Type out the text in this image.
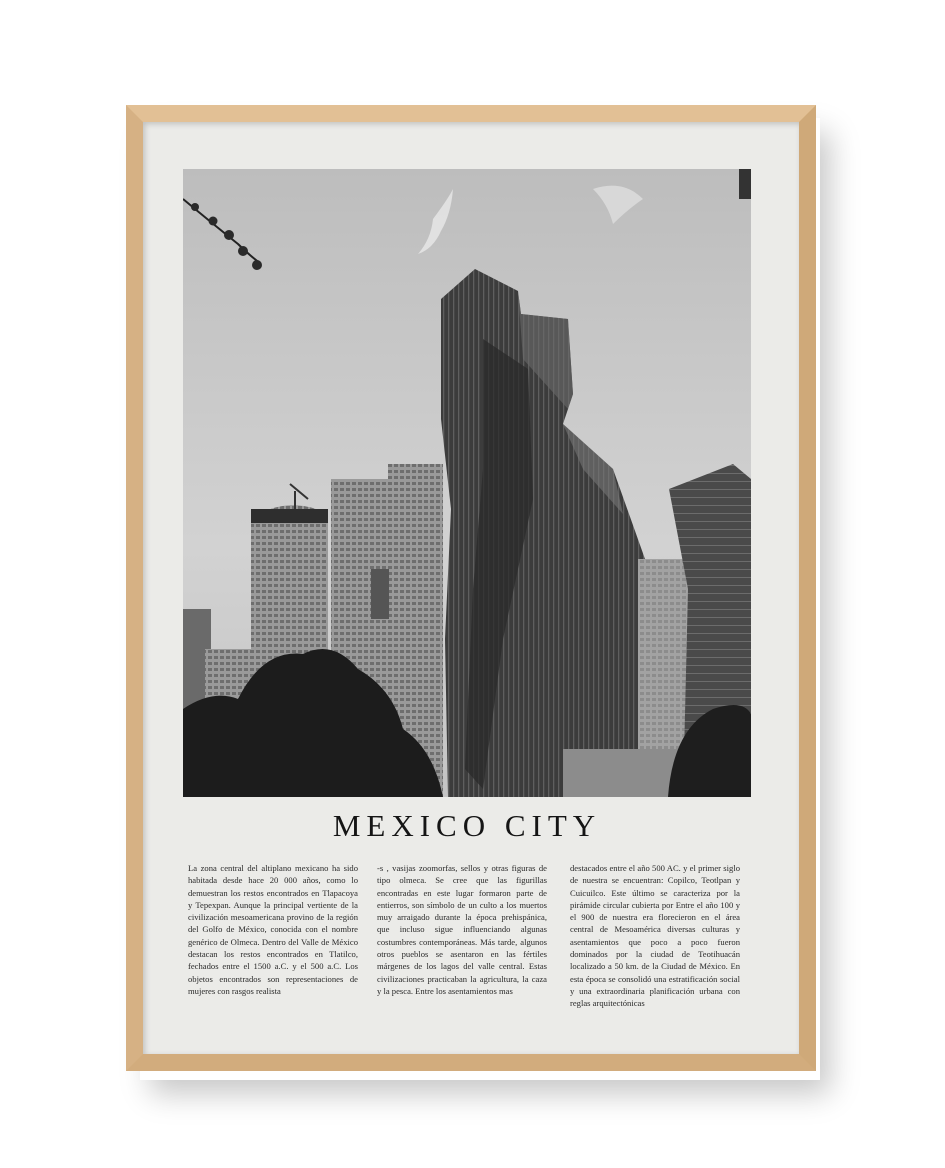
MEXICO CITY
La zona central del altiplano mexicano ha sido habitada desde hace 20 000 años, como lo demuestran los restos encontrados en Tlapacoya y Tepexpan. Aunque la principal vertiente de la civilización mesoamericana provino de la región del Golfo de México, conocida con el nombre genérico de Olmeca. Dentro del Valle de México destacan los restos encontrados en Tlatilco, fechados entre el 1500 a.C. y el 500 a.C. Los objetos encontrados son representaciones de mujeres con rasgos realista
-s , vasijas zoomorfas, sellos y otras figuras de tipo olmeca. Se cree que las figurillas encontradas en este lugar formaron parte de entierros, son símbolo de un culto a los muertos muy arraigado durante la época prehispánica, que incluso sigue influenciando algunas costumbres contemporáneas. Más tarde, algunos otros pueblos se asentaron en las fértiles márgenes de los lagos del valle central. Estas civilizaciones practicaban la agricultura, la caza y la pesca. Entre los asentamientos mas
destacados entre el año 500 AC. y el primer siglo de nuestra se encuentran: Copilco, Teotlpan y Cuicuilco. Este último se caracteriza por la pirámide circular cubierta por Entre el año 100 y el 900 de nuestra era florecieron en el área central de Mesoamérica diversas culturas y asentamientos que poco a poco fueron dominados por la ciudad de Teotihuacán localizado a 50 km. de la Ciudad de México. En esta época se consolidó una estratificación social y una extraordinaria planificación urbana con reglas arquitectónicas
